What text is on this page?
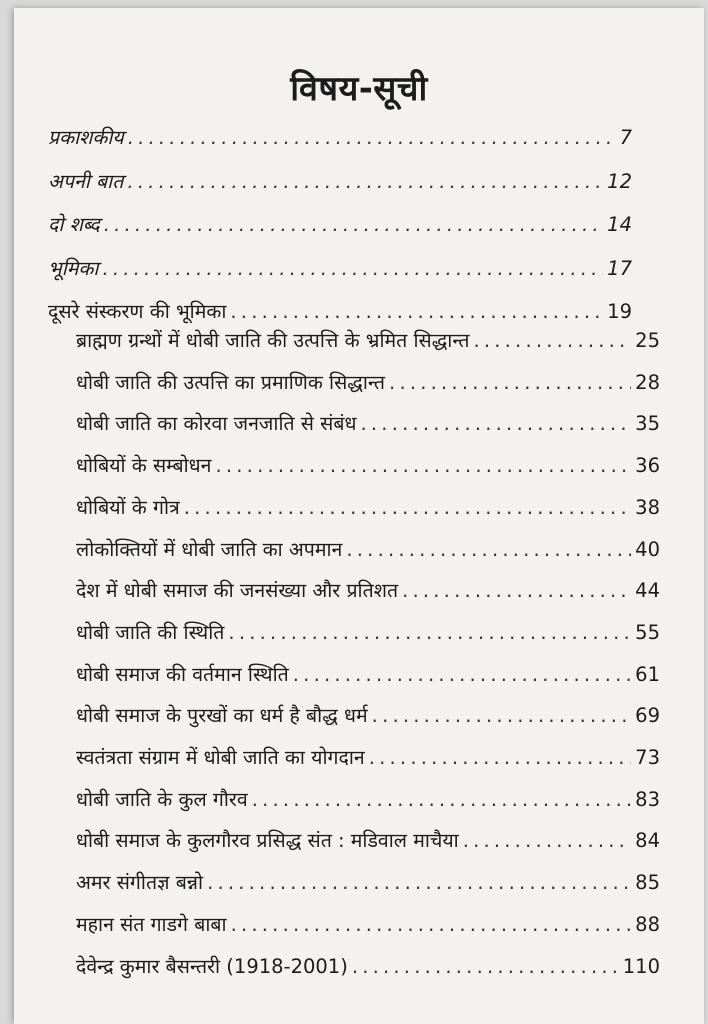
विषय-सूची
प्रकाशकीय . . .	7
अपनी बात . . .	12
दो शब्द . . .	14
भूमिका . . .	17
दूसरे संस्करण की भूमिका . . .	19
ब्राह्मण ग्रन्थों में धोबी जाति की उत्पत्ति के भ्रमित सिद्धान्त . . .	25
धोबी जाति की उत्पत्ति का प्रमाणिक सिद्धान्त . . .	28
धोबी जाति का कोरवा जनजाति से संबंध . . .	35
धोबियों के सम्बोधन . . .	36
धोबियों के गोत्र . . .	38
लोकोक्तियों में धोबी जाति का अपमान . . .	40
देश में धोबी समाज की जनसंख्या और प्रतिशत . . .	44
धोबी जाति की स्थिति . . .	55
धोबी समाज की वर्तमान स्थिति . . .	61
धोबी समाज के पुरखों का धर्म है बौद्ध धर्म . . .	69
स्वतंत्रता संग्राम में धोबी जाति का योगदान . . .	73
धोबी जाति के कुल गौरव . . .	83
धोबी समाज के कुलगौरव प्रसिद्ध संत : मडिवाल माचैया . . .	84
अमर संगीतज्ञ बन्नो . . .	85
महान संत गाडगे बाबा . . .	88
देवेन्द्र कुमार बैसन्तरी (1918-2001) . . .	110
